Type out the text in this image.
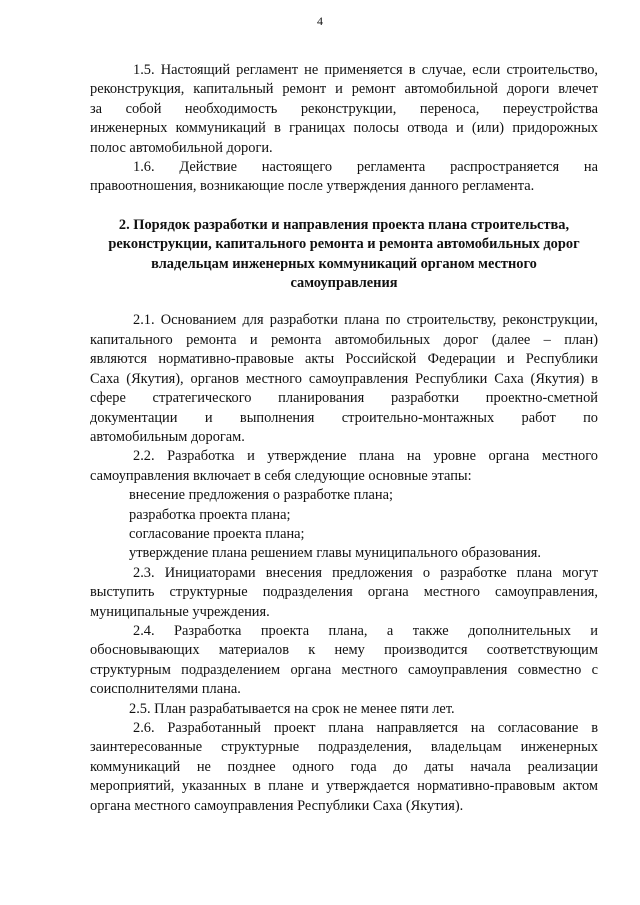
4

1.5. Настоящий регламент не применяется в случае, если строительство,

реконструкция, капитальный ремонт и ремонт автомобильной дороги влечет

за собой необходимость реконструкции, переноса, переустройства

инженерных коммуникаций в границах полосы отвода и (или) придорожных

полос автомобильной дороги.

1.6. Действие настоящего регламента распространяется на

правоотношения, возникающие после утверждения данного регламента.

2. Порядок разработки и направления проекта плана строительства, реконструкции, капитального ремонта и ремонта автомобильных дорог владельцам инженерных коммуникаций органом местного самоуправления

2.1. Основанием для разработки плана по строительству, реконструкции,

капитального ремонта и ремонта автомобильных дорог (далее – план)

являются нормативно-правовые акты Российской Федерации и Республики

Саха (Якутия), органов местного самоуправления Республики Саха (Якутия) в

сфере стратегического планирования разработки проектно-сметной

документации и выполнения строительно-монтажных работ по

автомобильным дорогам.

2.2. Разработка и утверждение плана на уровне органа местного

самоуправления включает в себя следующие основные этапы:

внесение предложения о разработке плана;

разработка проекта плана;

согласование проекта плана;

утверждение плана решением главы муниципального образования.

2.3. Инициаторами внесения предложения о разработке плана могут

выступить структурные подразделения органа местного самоуправления,

муниципальные учреждения.

2.4. Разработка проекта плана, а также дополнительных и

обосновывающих материалов к нему производится соответствующим

структурным подразделением органа местного самоуправления совместно с

соисполнителями плана.

2.5. План разрабатывается на срок не менее пяти лет.

2.6. Разработанный проект плана направляется на согласование в

заинтересованные структурные подразделения, владельцам инженерных

коммуникаций не позднее одного года до даты начала реализации

мероприятий, указанных в плане и утверждается нормативно-правовым актом

органа местного самоуправления Республики Саха (Якутия).
